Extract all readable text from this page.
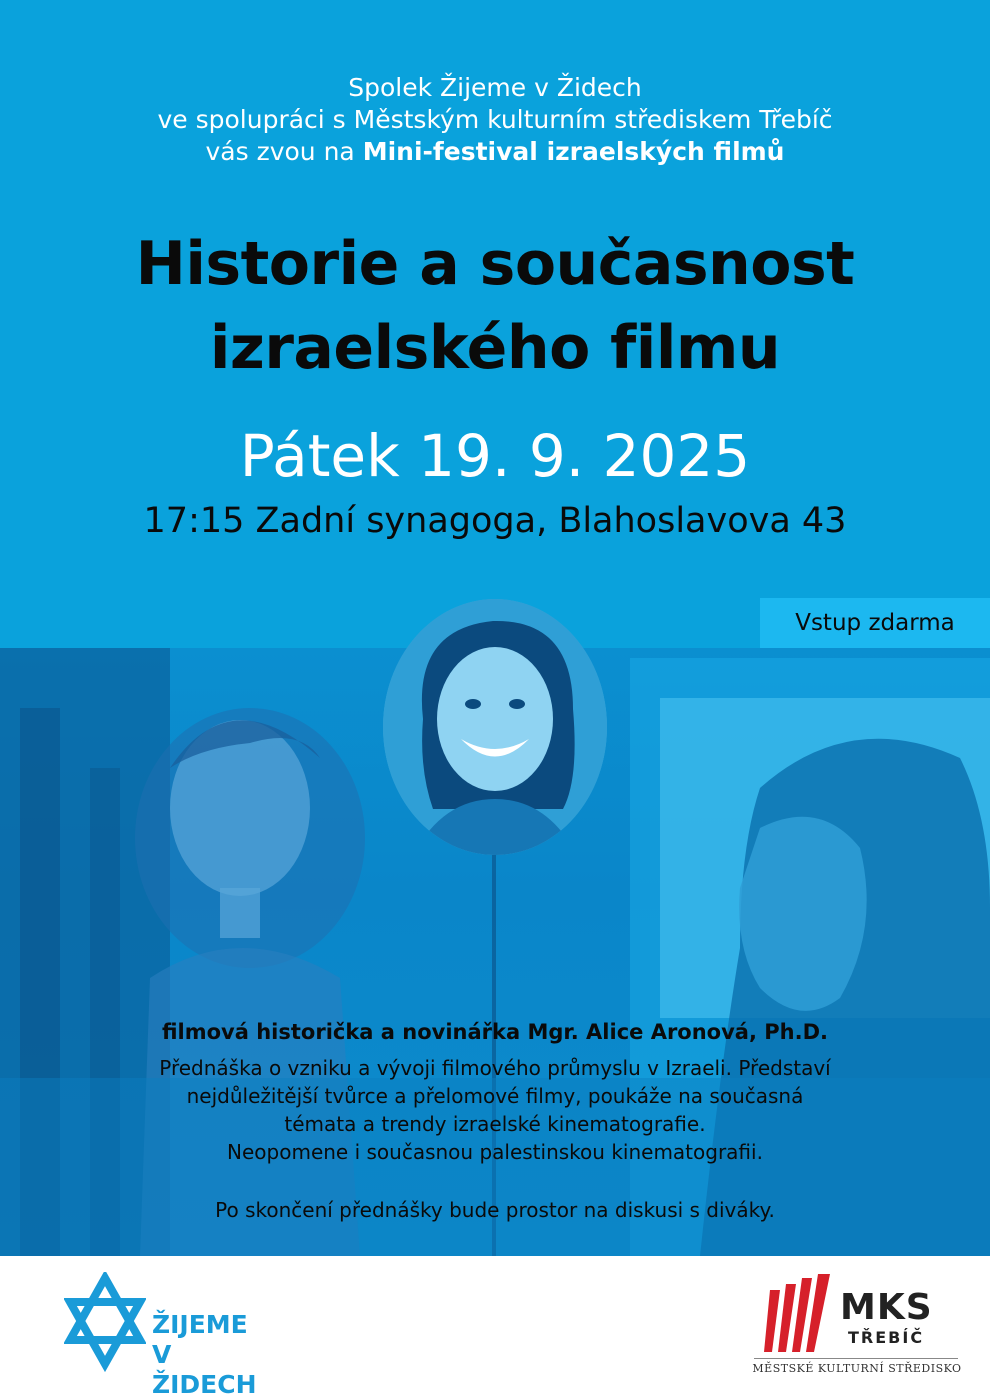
Spolek Žijeme v Židech
ve spolupráci s Městským kulturním střediskem Třebíč
vás zvou na Mini-festival izraelských filmů
Historie a současnost
izraelského filmu
Pátek 19. 9. 2025
17:15 Zadní synagoga, Blahoslavova 43
Vstup zdarma
filmová historička a novinářka Mgr. Alice Aronová, Ph.D.
Přednáška o vzniku a vývoji filmového průmyslu v Izraeli. Představí
nejdůležitější tvůrce a přelomové filmy, poukáže na současná
témata a trendy izraelské kinematografie.
Neopomene i současnou palestinskou kinematografii.
Po skončení přednášky bude prostor na diskusi s diváky.
ŽIJEME
V ŽIDECH
MKS
TŘEBÍČ
MĚSTSKÉ KULTURNÍ STŘEDISKO
